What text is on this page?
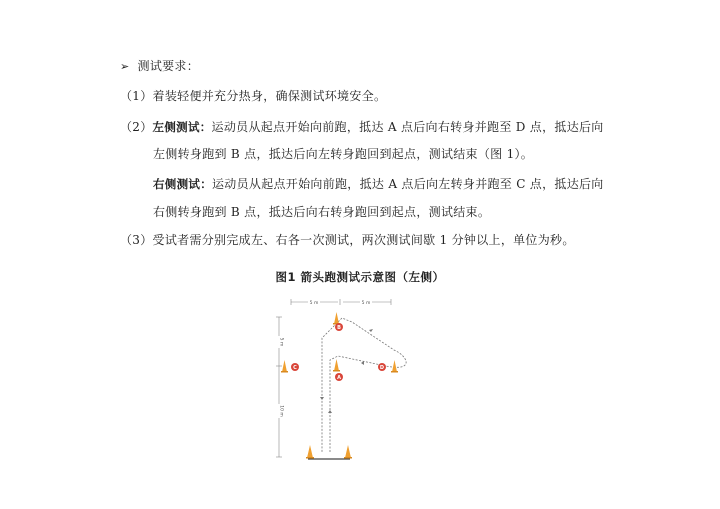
➢ 测试要求：
（1）着装轻便并充分热身，确保测试环境安全。
（2）左侧测试：运动员从起点开始向前跑，抵达 A 点后向右转身并跑至 D 点，抵达后向
左侧转身跑到 B 点，抵达后向左转身跑回到起点，测试结束（图 1）。
右侧测试：运动员从起点开始向前跑，抵达 A 点后向左转身并跑至 C 点，抵达后向
右侧转身跑到 B 点，抵达后向右转身跑回到起点，测试结束。
（3）受试者需分别完成左、右各一次测试，两次测试间歇 1 分钟以上，单位为秒。
图1 箭头跑测试示意图（左侧）
5 m	5 m
5 m
10 m
B
A
C	D
